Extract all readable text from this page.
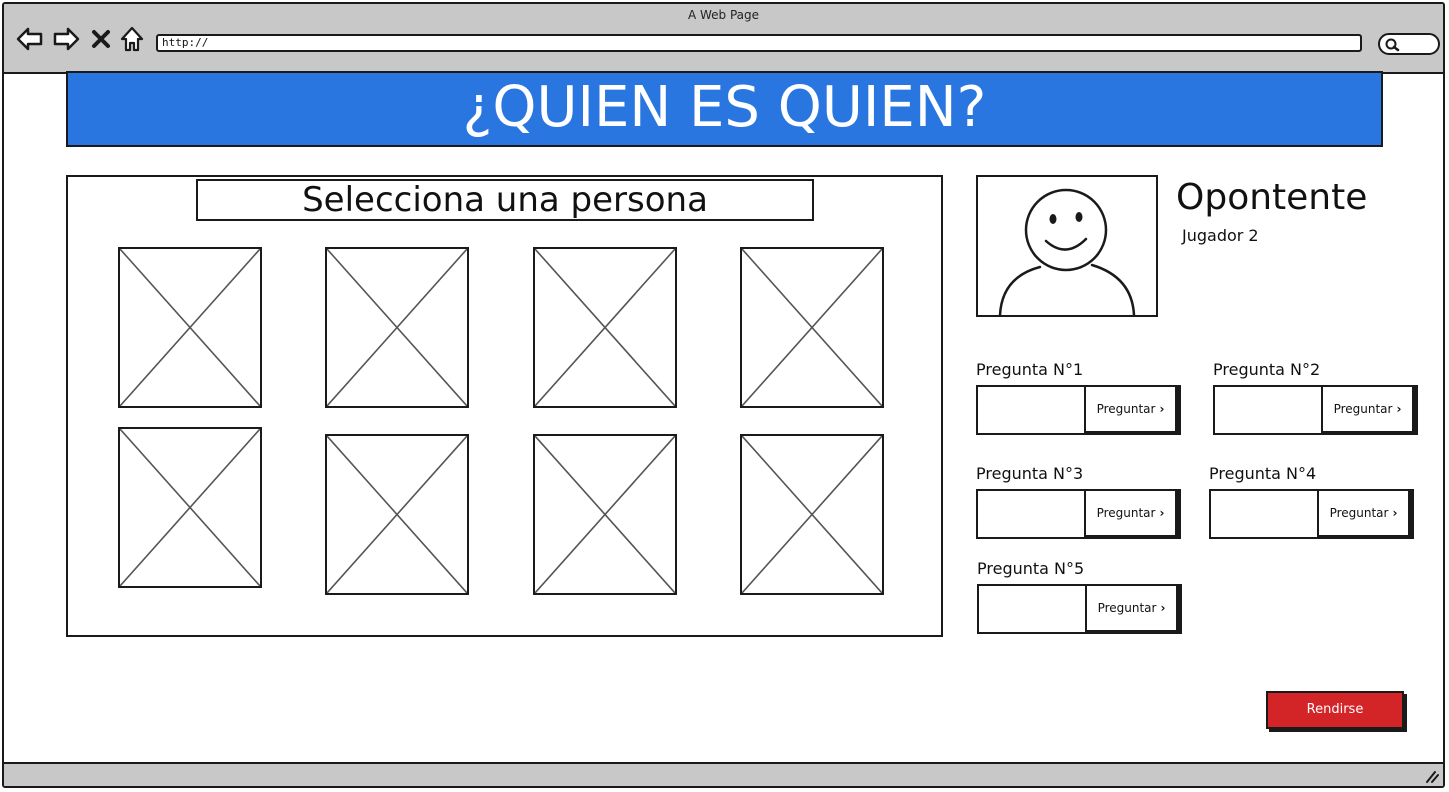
A Web Page
http://
¿QUIEN ES QUIEN?
Selecciona una persona	Opontente
Jugador 2
Pregunta N°1
Preguntar ›
Pregunta N°2
Preguntar ›
Pregunta N°3
Preguntar ›
Pregunta N°4
Preguntar ›
Pregunta N°5
Preguntar ›
Rendirse
